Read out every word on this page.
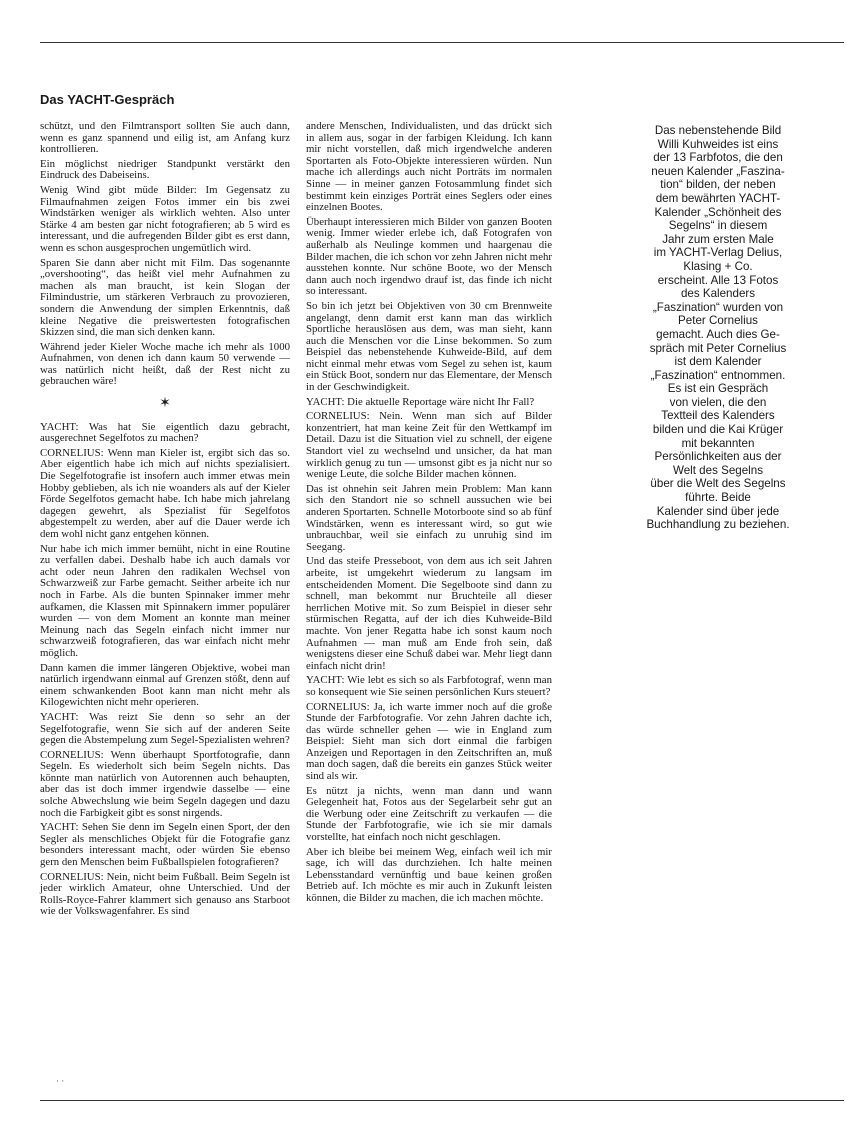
Das YACHT-Gespräch

schützt, und den Filmtransport sollten Sie auch dann, wenn es ganz spannend und eilig ist, am Anfang kurz kontrollieren.

Ein möglichst niedriger Standpunkt verstärkt den Eindruck des Dabeiseins.

Wenig Wind gibt müde Bilder: Im Gegensatz zu Filmaufnahmen zeigen Fotos immer ein bis zwei Windstärken weniger als wirklich wehten. Also unter Stärke 4 am besten gar nicht fotografieren; ab 5 wird es interessant, und die aufregenden Bilder gibt es erst dann, wenn es schon ausgesprochen ungemütlich wird.

Sparen Sie dann aber nicht mit Film. Das sogenannte „overshooting“, das heißt viel mehr Aufnahmen zu machen als man braucht, ist kein Slogan der Filmindustrie, um stärkeren Verbrauch zu provozieren, sondern die Anwendung der simplen Erkenntnis, daß kleine Negative die preiswertesten fotografischen Skizzen sind, die man sich denken kann.

Während jeder Kieler Woche mache ich mehr als 1000 Aufnahmen, von denen ich dann kaum 50 verwende — was natürlich nicht heißt, daß der Rest nicht zu gebrauchen wäre!

✶

YACHT: Was hat Sie eigentlich dazu gebracht, ausgerechnet Segelfotos zu machen?

CORNELIUS: Wenn man Kieler ist, ergibt sich das so. Aber eigentlich habe ich mich auf nichts spezialisiert. Die Segelfotografie ist insofern auch immer etwas mein Hobby geblieben, als ich nie woanders als auf der Kieler Förde Segelfotos gemacht habe. Ich habe mich jahrelang dagegen gewehrt, als Spezialist für Segelfotos abgestempelt zu werden, aber auf die Dauer werde ich dem wohl nicht ganz entgehen können.

Nur habe ich mich immer bemüht, nicht in eine Routine zu verfallen dabei. Deshalb habe ich auch damals vor acht oder neun Jahren den radikalen Wechsel von Schwarzweiß zur Farbe gemacht. Seither arbeite ich nur noch in Farbe. Als die bunten Spinnaker immer mehr aufkamen, die Klassen mit Spinnakern immer populärer wurden — von dem Moment an konnte man meiner Meinung nach das Segeln einfach nicht immer nur schwarzweiß fotografieren, das war einfach nicht mehr möglich.

Dann kamen die immer längeren Objektive, wobei man natürlich irgendwann einmal auf Grenzen stößt, denn auf einem schwankenden Boot kann man nicht mehr als Kilogewichten nicht mehr operieren.

YACHT: Was reizt Sie denn so sehr an der Segelfotografie, wenn Sie sich auf der anderen Seite gegen die Abstempelung zum Segel-Spezialisten wehren?

CORNELIUS: Wenn überhaupt Sportfotografie, dann Segeln. Es wiederholt sich beim Segeln nichts. Das könnte man natürlich von Autorennen auch behaupten, aber das ist doch immer irgendwie dasselbe — eine solche Abwechslung wie beim Segeln dagegen und dazu noch die Farbigkeit gibt es sonst nirgends.

YACHT: Sehen Sie denn im Segeln einen Sport, der den Segler als menschliches Objekt für die Fotografie ganz besonders interessant macht, oder würden Sie ebenso gern den Menschen beim Fußballspielen fotografieren?

CORNELIUS: Nein, nicht beim Fußball. Beim Segeln ist jeder wirklich Amateur, ohne Unterschied. Und der Rolls-Royce-Fahrer klammert sich genauso ans Starboot wie der Volkswagenfahrer. Es sind

andere Menschen, Individualisten, und das drückt sich in allem aus, sogar in der farbigen Kleidung. Ich kann mir nicht vorstellen, daß mich irgendwelche anderen Sportarten als Foto-Objekte interessieren würden. Nun mache ich allerdings auch nicht Porträts im normalen Sinne — in meiner ganzen Fotosammlung findet sich bestimmt kein einziges Porträt eines Seglers oder eines einzelnen Bootes.

Überhaupt interessieren mich Bilder von ganzen Booten wenig. Immer wieder erlebe ich, daß Fotografen von außerhalb als Neulinge kommen und haargenau die Bilder machen, die ich schon vor zehn Jahren nicht mehr ausstehen konnte. Nur schöne Boote, wo der Mensch dann auch noch irgendwo drauf ist, das finde ich nicht so interessant.

So bin ich jetzt bei Objektiven von 30 cm Brennweite angelangt, denn damit erst kann man das wirklich Sportliche herauslösen aus dem, was man sieht, kann auch die Menschen vor die Linse bekommen. So zum Beispiel das nebenstehende Kuhweide-Bild, auf dem nicht einmal mehr etwas vom Segel zu sehen ist, kaum ein Stück Boot, sondern nur das Elementare, der Mensch in der Geschwindigkeit.

YACHT: Die aktuelle Reportage wäre nicht Ihr Fall?

CORNELIUS: Nein. Wenn man sich auf Bilder konzentriert, hat man keine Zeit für den Wettkampf im Detail. Dazu ist die Situation viel zu schnell, der eigene Standort viel zu wechselnd und unsicher, da hat man wirklich genug zu tun — umsonst gibt es ja nicht nur so wenige Leute, die solche Bilder machen können.

Das ist ohnehin seit Jahren mein Problem: Man kann sich den Standort nie so schnell aussuchen wie bei anderen Sportarten. Schnelle Motorboote sind so ab fünf Windstärken, wenn es interessant wird, so gut wie unbrauchbar, weil sie einfach zu unruhig sind im Seegang.

Und das steife Presseboot, von dem aus ich seit Jahren arbeite, ist umgekehrt wiederum zu langsam im entscheidenden Moment. Die Segelboote sind dann zu schnell, man bekommt nur Bruchteile all dieser herrlichen Motive mit. So zum Beispiel in dieser sehr stürmischen Regatta, auf der ich dies Kuhweide-Bild machte. Von jener Regatta habe ich sonst kaum noch Aufnahmen — man muß am Ende froh sein, daß wenigstens dieser eine Schuß dabei war. Mehr liegt dann einfach nicht drin!

YACHT: Wie lebt es sich so als Farbfotograf, wenn man so konsequent wie Sie seinen persönlichen Kurs steuert?

CORNELIUS: Ja, ich warte immer noch auf die große Stunde der Farbfotografie. Vor zehn Jahren dachte ich, das würde schneller gehen — wie in England zum Beispiel: Sieht man sich dort einmal die farbigen Anzeigen und Reportagen in den Zeitschriften an, muß man doch sagen, daß die bereits ein ganzes Stück weiter sind als wir.

Es nützt ja nichts, wenn man dann und wann Gelegenheit hat, Fotos aus der Segelarbeit sehr gut an die Werbung oder eine Zeitschrift zu verkaufen — die Stunde der Farbfotografie, wie ich sie mir damals vorstellte, hat einfach noch nicht geschlagen.

Aber ich bleibe bei meinem Weg, einfach weil ich mir sage, ich will das durchziehen. Ich halte meinen Lebensstandard vernünftig und baue keinen großen Betrieb auf. Ich möchte es mir auch in Zukunft leisten können, die Bilder zu machen, die ich machen möchte.

Das nebenstehende Bild

Willi Kuhweides ist eins

der 13 Farbfotos, die den

neuen Kalender „Faszina-

tion“ bilden, der neben

dem bewährten YACHT-

Kalender „Schönheit des

Segelns“ in diesem

Jahr zum ersten Male

im YACHT-Verlag Delius,

Klasing + Co.

erscheint. Alle 13 Fotos

des Kalenders

„Faszination“ wurden von

Peter Cornelius

gemacht. Auch dies Ge-

spräch mit Peter Cornelius

ist dem Kalender

„Faszination“ entnommen.

Es ist ein Gespräch

von vielen, die den

Textteil des Kalenders

bilden und die Kai Krüger

mit bekannten

Persönlichkeiten aus der

Welt des Segelns

über die Welt des Segelns

führte. Beide

Kalender sind über jede

Buchhandlung zu beziehen.

· ·
